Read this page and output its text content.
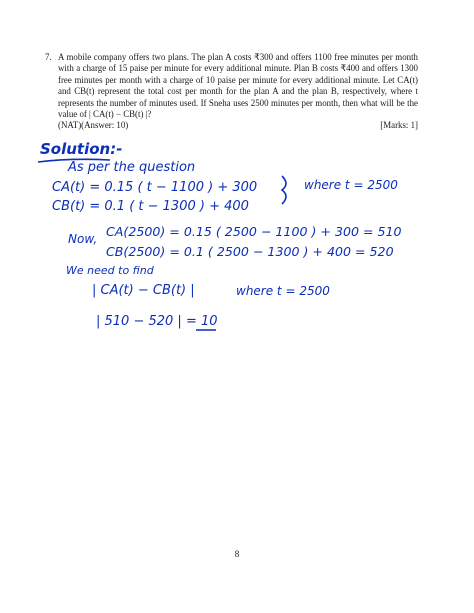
7. A mobile company offers two plans. The plan A costs ₹300 and offers 1100 free minutes per month with a charge of 15 paise per minute for every additional minute. Plan B costs ₹400 and offers 1300 free minutes per month with a charge of 10 paise per minute for every additional minute. Let CA(t) and CB(t) represent the total cost per month for the plan A and the plan B, respectively, where t represents the number of minutes used. If Sneha uses 2500 minutes per month, then what will be the value of | CA(t) − CB(t) |?
(NAT)(Answer: 10)	[Marks: 1]
Solution:-
As per the question
CA(t) = 0.15 ( t − 1100 ) + 300
CB(t) = 0.1 ( t − 1300 ) + 400
where t = 2500
Now, CA(2500) = 0.15 ( 2500 − 1100 ) + 300 = 510
CB(2500) = 0.1 ( 2500 − 1300 ) + 400 = 520
We need to find
| CA(t) − CB(t) |	where t = 2500
| 510 − 520 | = 10
8
